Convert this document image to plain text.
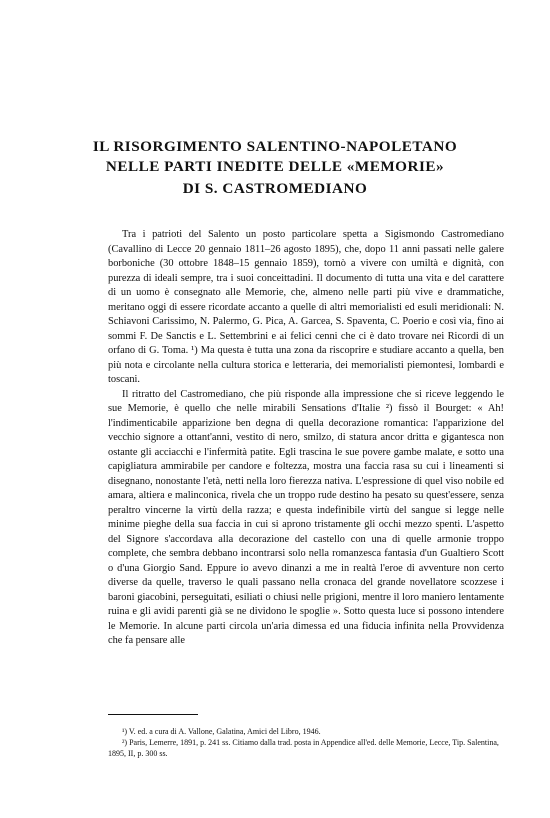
IL RISORGIMENTO SALENTINO-NAPOLETANO
NELLE PARTI INEDITE DELLE «MEMORIE»
DI S. CASTROMEDIANO

Tra i patrioti del Salento un posto particolare spetta a Sigismondo Castromediano (Cavallino di Lecce 20 gennaio 1811–26 agosto 1895), che, dopo 11 anni passati nelle galere borboniche (30 ottobre 1848–15 gennaio 1859), tornò a vivere con umiltà e dignità, con purezza di ideali sempre, tra i suoi conceittadini. Il documento di tutta una vita e del carattere di un uomo è consegnato alle Memorie, che, almeno nelle parti più vive e drammatiche, meritano oggi di essere ricordate accanto a quelle di altri memorialisti ed esuli meridionali: N. Schiavoni Carissimo, N. Palermo, G. Pica, A. Garcea, S. Spaventa, C. Poerio e così via, fino ai sommi F. De Sanctis e L. Settembrini e ai felici cenni che ci è dato trovare nei Ricordi di un orfano di G. Toma. ¹) Ma questa è tutta una zona da riscoprire e studiare accanto a quella, ben più nota e circolante nella cultura storica e letteraria, dei memorialisti piemontesi, lombardi e toscani.

Il ritratto del Castromediano, che più risponde alla impressione che si riceve leggendo le sue Memorie, è quello che nelle mirabili Sensations d'Italie ²) fissò il Bourget: « Ah! l'indimenticabile apparizione ben degna di quella decorazione romantica: l'apparizione del vecchio signore a ottant'anni, vestito di nero, smilzo, di statura ancor dritta e gigantesca non ostante gli acciacchi e l'infermità patite. Egli trascina le sue povere gambe malate, e sotto una capigliatura ammirabile per candore e foltezza, mostra una faccia rasa su cui i lineamenti si disegnano, nonostante l'età, netti nella loro fierezza nativa. L'espressione di quel viso nobile ed amara, altiera e malinconica, rivela che un troppo rude destino ha pesato su quest'essere, senza peraltro vincerne la virtù della razza; e questa indefinibile virtù del sangue si legge nelle minime pieghe della sua faccia in cui si aprono tristamente gli occhi mezzo spenti. L'aspetto del Signore s'accordava alla decorazione del castello con una di quelle armonie troppo complete, che sembra debbano incontrarsi solo nella romanzesca fantasia d'un Gualtiero Scott o d'una Giorgio Sand. Eppure io avevo dinanzi a me in realtà l'eroe di avventure non certo diverse da quelle, traverso le quali passano nella cronaca del grande novellatore scozzese i baroni giacobini, perseguitati, esiliati o chiusi nelle prigioni, mentre il loro maniero lentamente ruina e gli avidi parenti già se ne dividono le spoglie ». Sotto questa luce si possono intendere le Memorie. In alcune parti circola un'aria dimessa ed una fiducia infinita nella Provvidenza che fa pensare alle

¹) V. ed. a cura di A. Vallone, Galatina, Amici del Libro, 1946.
²) Paris, Lemerre, 1891, p. 241 ss. Citiamo dalla trad. posta in Appendice all'ed. delle Memorie, Lecce, Tip. Salentina, 1895, II, p. 300 ss.
